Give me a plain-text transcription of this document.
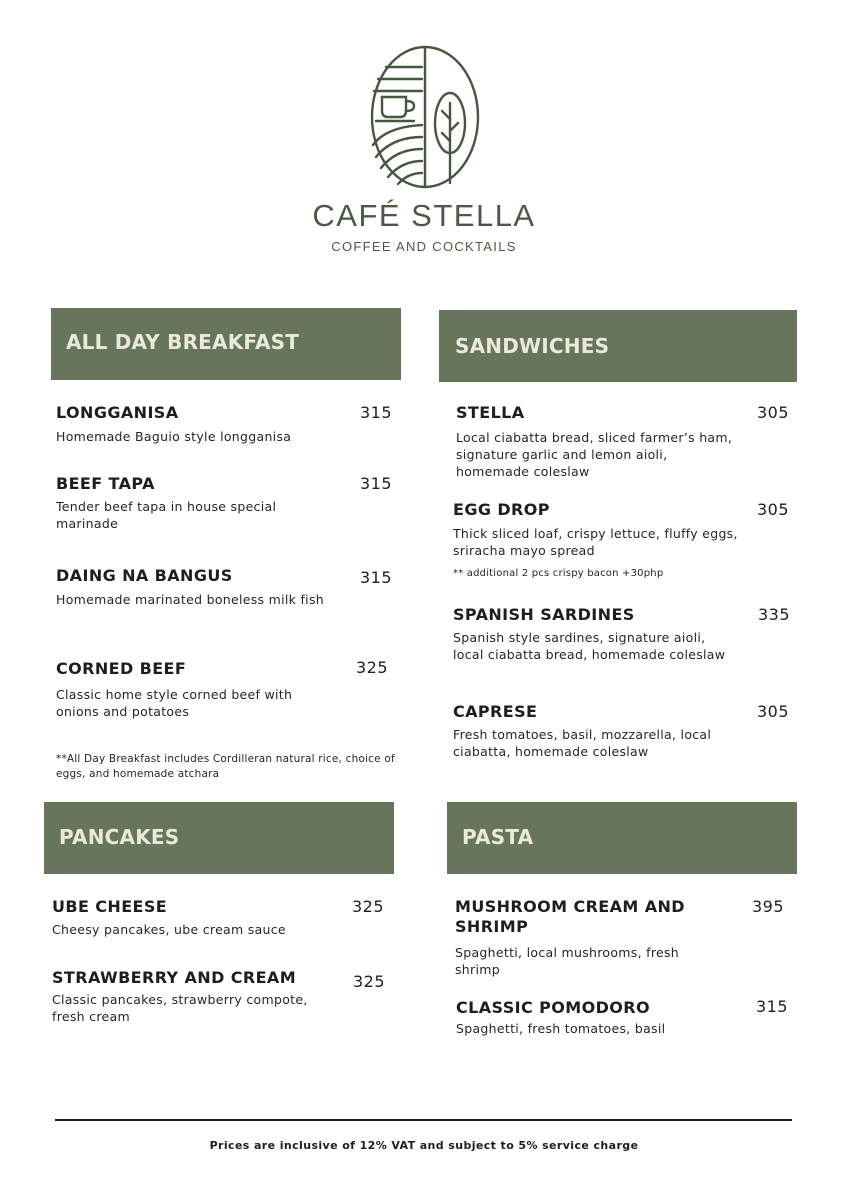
CAFÉ STELLA
COFFEE AND COCKTAILS
ALL DAY BREAKFAST
LONGGANISA	315
Homemade Baguio style longganisa
BEEF TAPA	315
Tender beef tapa in house special marinade
DAING NA BANGUS	315
Homemade marinated boneless milk fish
CORNED BEEF	325
Classic home style corned beef with onions and potatoes
**All Day Breakfast includes Cordilleran natural rice, choice of eggs, and homemade atchara
SANDWICHES
STELLA	305
Local ciabatta bread, sliced farmer’s ham, signature garlic and lemon aioli, homemade coleslaw
EGG DROP	305
Thick sliced loaf, crispy lettuce, fluffy eggs, sriracha mayo spread
** additional 2 pcs crispy bacon +30php
SPANISH SARDINES	335
Spanish style sardines, signature aioli, local ciabatta bread, homemade coleslaw
CAPRESE	305
Fresh tomatoes, basil, mozzarella, local ciabatta, homemade coleslaw
PANCAKES
UBE CHEESE	325
Cheesy pancakes, ube cream sauce
STRAWBERRY AND CREAM	325
Classic pancakes, strawberry compote, fresh cream
PASTA
MUSHROOM CREAM AND SHRIMP
395
Spaghetti, local mushrooms, fresh shrimp
CLASSIC POMODORO	315
Spaghetti, fresh tomatoes, basil
Prices are inclusive of 12% VAT and subject to 5% service charge
